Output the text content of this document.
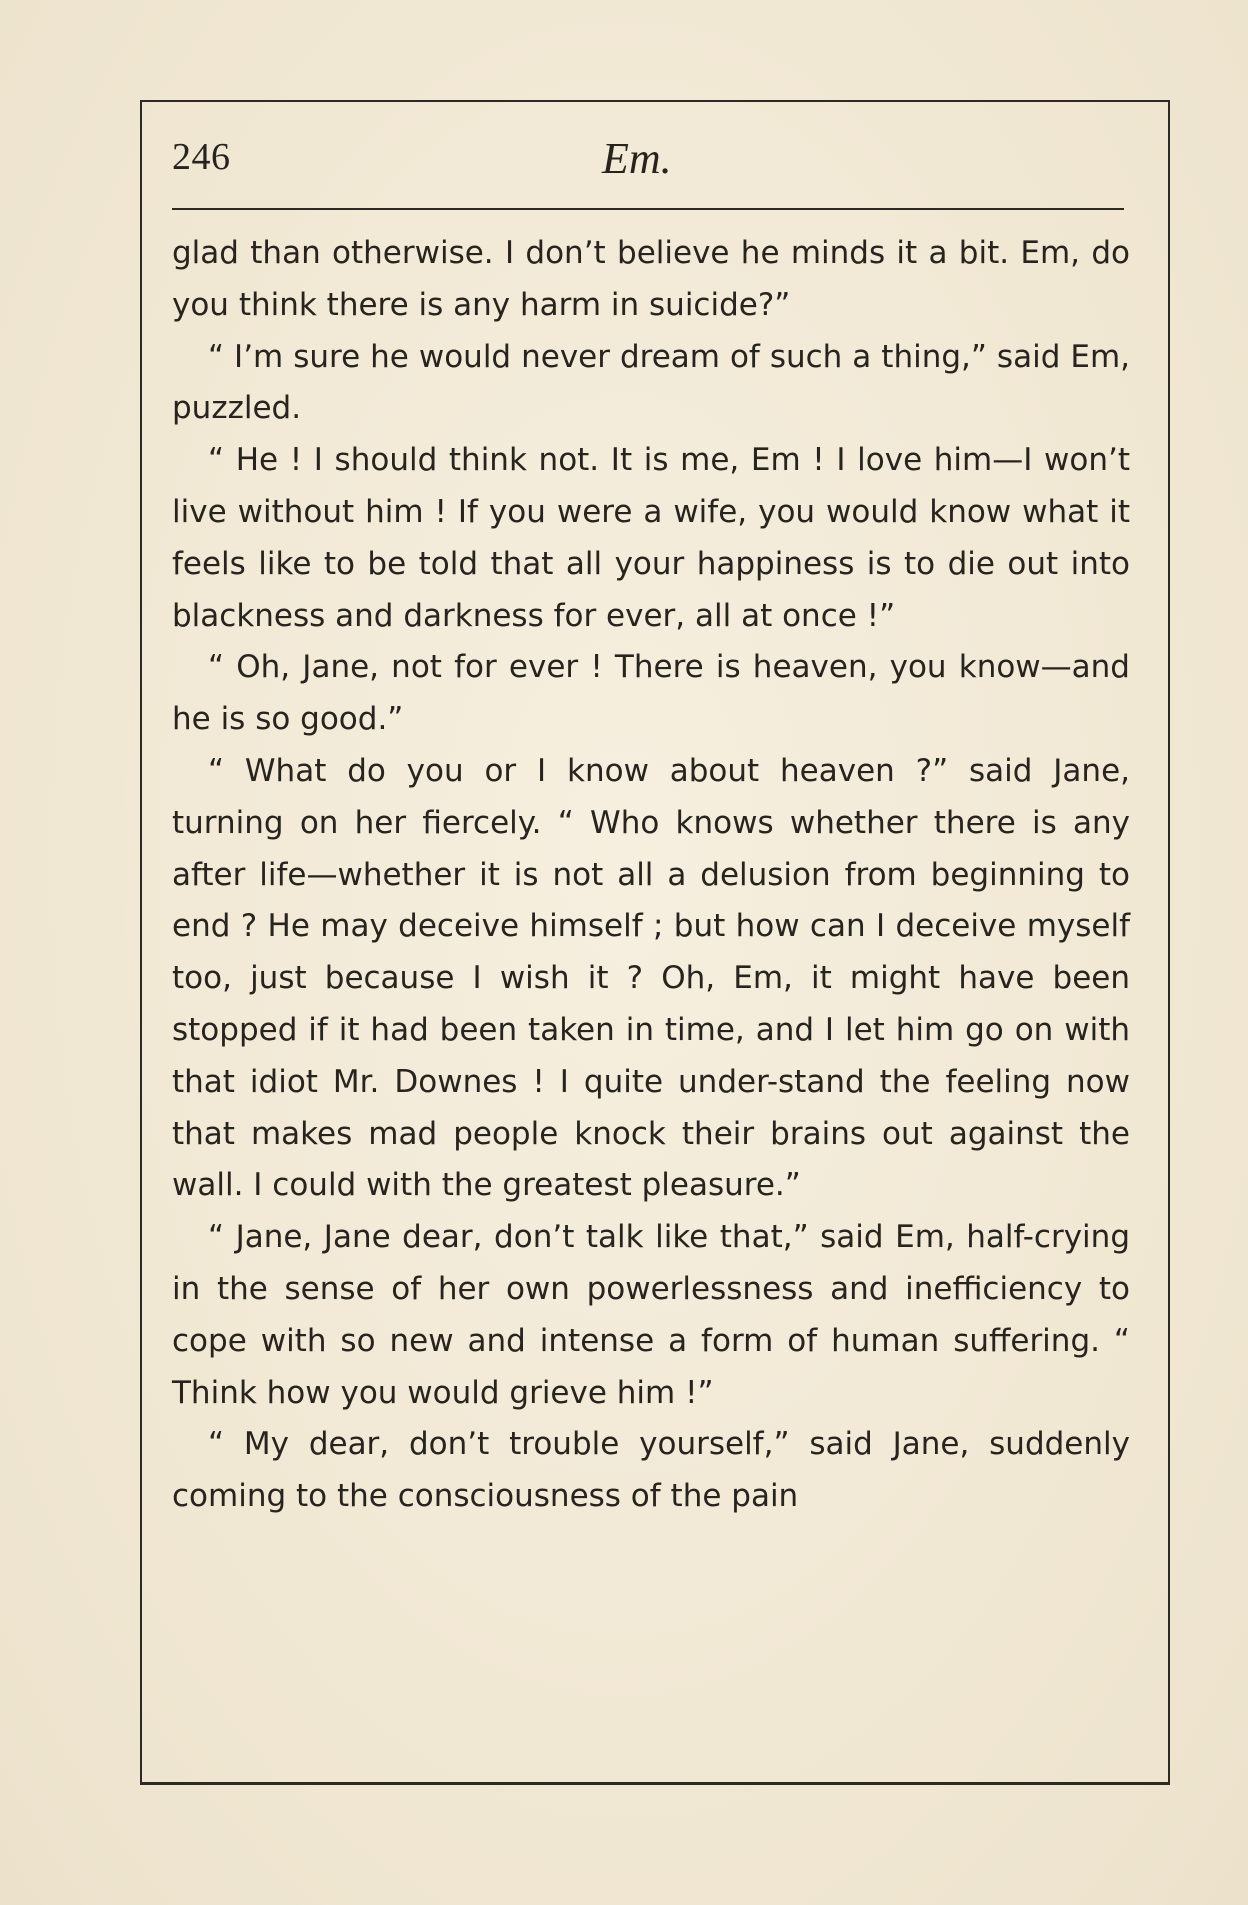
246	Em.

glad than otherwise. I don’t believe he minds it a bit. Em, do you think there is any harm in suicide?”

“ I’m sure he would never dream of such a thing,” said Em, puzzled.

“ He ! I should think not. It is me, Em ! I love him—I won’t live without him ! If you were a wife, you would know what it feels like to be told that all your happiness is to die out into blackness and darkness for ever, all at once !”

“ Oh, Jane, not for ever ! There is heaven, you know—and he is so good.”

“ What do you or I know about heaven ?” said Jane, turning on her fiercely. “ Who knows whether there is any after life—whether it is not all a delusion from beginning to end ? He may deceive himself ; but how can I deceive myself too, just because I wish it ? Oh, Em, it might have been stopped if it had been taken in time, and I let him go on with that idiot Mr. Downes ! I quite under-stand the feeling now that makes mad people knock their brains out against the wall. I could with the greatest pleasure.”

“ Jane, Jane dear, don’t talk like that,” said Em, half-crying in the sense of her own powerlessness and inefficiency to cope with so new and intense a form of human suffering. “ Think how you would grieve him !”

“ My dear, don’t trouble yourself,” said Jane, suddenly coming to the consciousness of the pain
